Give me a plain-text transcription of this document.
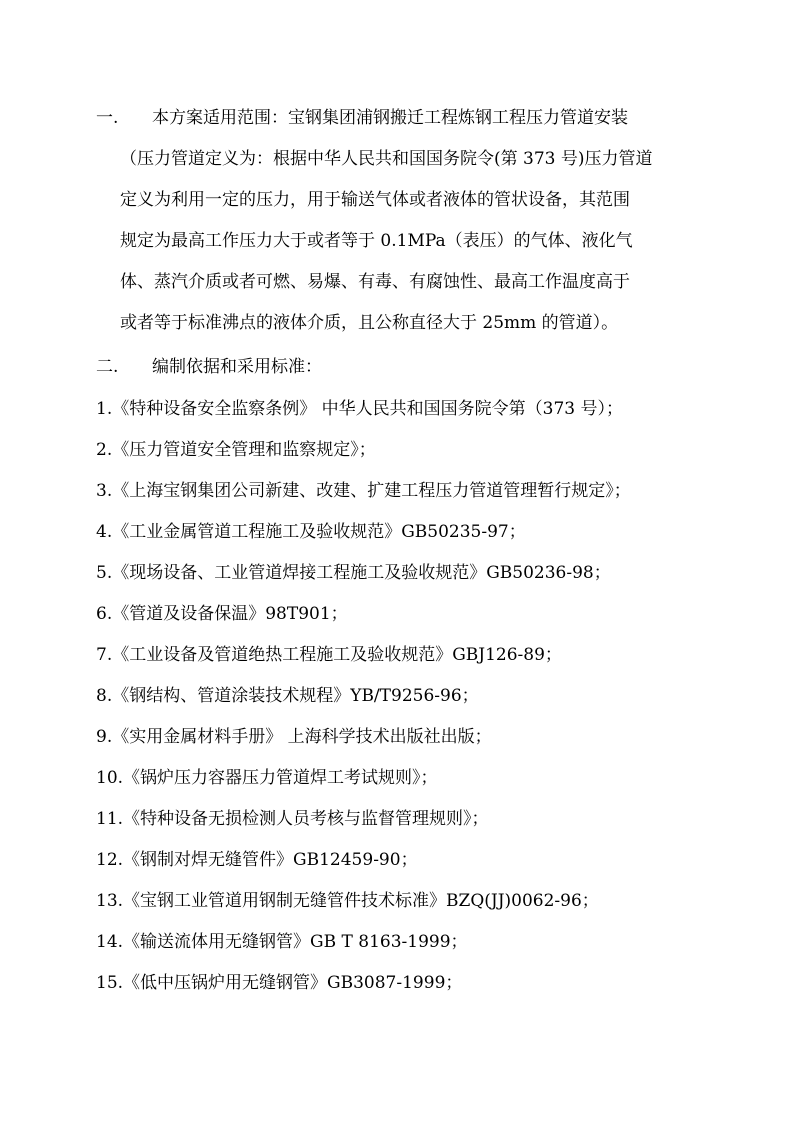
一. 本方案适用范围：宝钢集团浦钢搬迁工程炼钢工程压力管道安装
（压力管道定义为：根据中华人民共和国国务院令(第 373 号)压力管道
定义为利用一定的压力，用于输送气体或者液体的管状设备，其范围
规定为最高工作压力大于或者等于 0.1MPa（表压）的气体、液化气
体、蒸汽介质或者可燃、易爆、有毒、有腐蚀性、最高工作温度高于
或者等于标准沸点的液体介质，且公称直径大于 25mm 的管道）。
二. 编制依据和采用标准：
1.《特种设备安全监察条例》 中华人民共和国国务院令第（373 号）；
2.《压力管道安全管理和监察规定》；
3.《上海宝钢集团公司新建、改建、扩建工程压力管道管理暂行规定》；
4.《工业金属管道工程施工及验收规范》GB50235-97；
5.《现场设备、工业管道焊接工程施工及验收规范》GB50236-98；
6.《管道及设备保温》98T901；
7.《工业设备及管道绝热工程施工及验收规范》GBJ126-89；
8.《钢结构、管道涂装技术规程》YB/T9256-96；
9.《实用金属材料手册》 上海科学技术出版社出版；
10.《锅炉压力容器压力管道焊工考试规则》；
11.《特种设备无损检测人员考核与监督管理规则》；
12.《钢制对焊无缝管件》GB12459-90；
13.《宝钢工业管道用钢制无缝管件技术标准》BZQ(JJ)0062-96；
14.《输送流体用无缝钢管》GB T 8163-1999；
15.《低中压锅炉用无缝钢管》GB3087-1999；
